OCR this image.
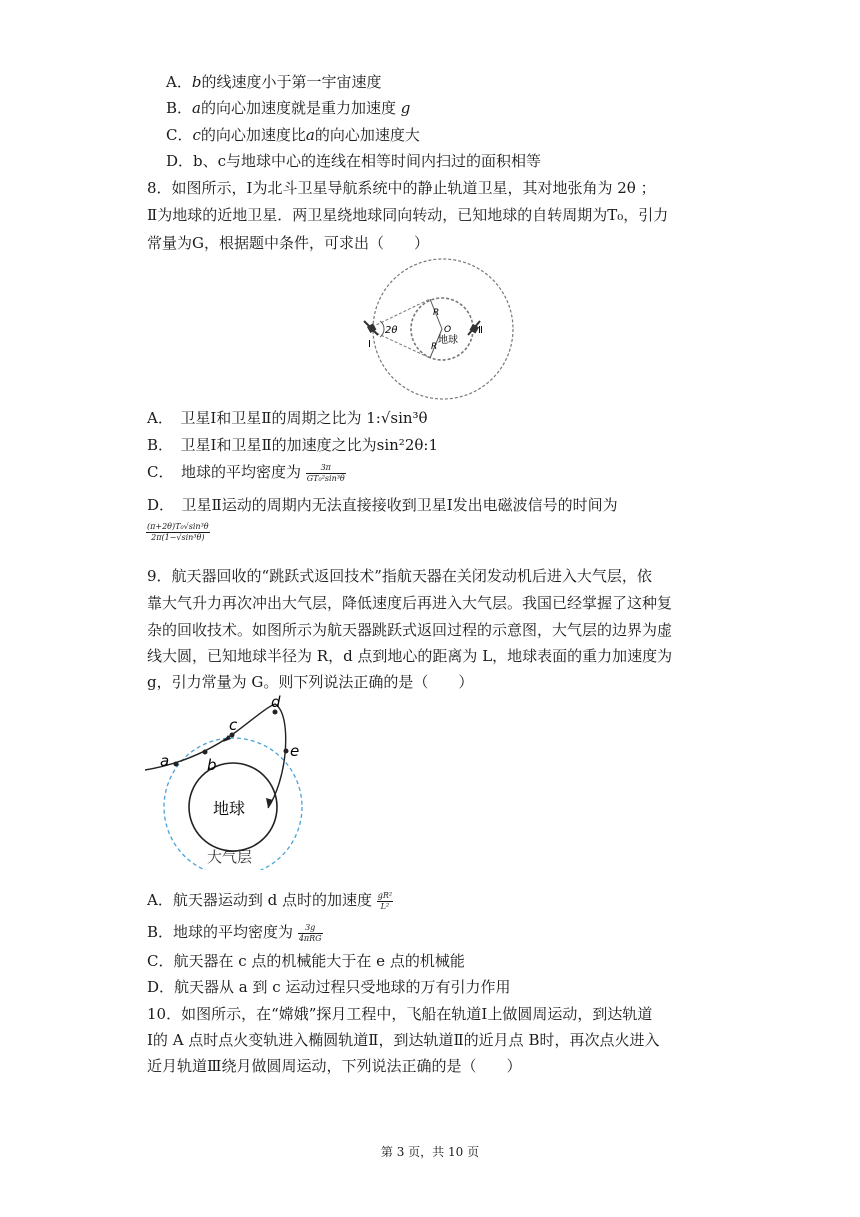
A．b的线速度小于第一宇宙速度
B．a的向心加速度就是重力加速度 g
C．c的向心加速度比a的向心加速度大
D．b、c与地球中心的连线在相等时间内扫过的面积相等
8．如图所示，Ⅰ为北斗卫星导航系统中的静止轨道卫星，其对地张角为 2θ ；
Ⅱ为地球的近地卫星．两卫星绕地球同向转动，已知地球的自转周期为T₀，引力
常量为G，根据题中条件，可求出（　　）
2θ
R
R
O
地球
Ⅰ
Ⅱ
A．　卫星Ⅰ和卫星Ⅱ的周期之比为 1:√sin³θ
B．　卫星Ⅰ和卫星Ⅱ的加速度之比为sin²2θ:1
C．　地球的平均密度为 $\frac{3\pi}{\text{GT₀²sin³θ}}$
D．　卫星Ⅱ运动的周期内无法直接接收到卫星Ⅰ发出电磁波信号的时间为
$\frac{\text{(π+2θ)T₀√sin³θ}}{\text{2π(1−√sin³θ)}}$
9．航天器回收的“跳跃式返回技术”指航天器在关闭发动机后进入大气层，依
靠大气升力再次冲出大气层，降低速度后再进入大气层。我国已经掌握了这种复
杂的回收技术。如图所示为航天器跳跃式返回过程的示意图，大气层的边界为虚
线大圆，已知地球半径为 R，d 点到地心的距离为 L，地球表面的重力加速度为
g，引力常量为 G。则下列说法正确的是（　　）
a	b
c
d
e
地球
大气层
A．航天器运动到 d 点时的加速度 $\frac{\text{gR²}}{\text{L²}}$
B．地球的平均密度为 $\frac{3g}{\text{4πRG}}$
C．航天器在 c 点的机械能大于在 e 点的机械能
D．航天器从 a 到 c 运动过程只受地球的万有引力作用
10．如图所示，在“嫦娥”探月工程中，飞船在轨道Ⅰ上做圆周运动，到达轨道
Ⅰ的 A 点时点火变轨进入椭圆轨道Ⅱ，到达轨道Ⅱ的近月点 B时，再次点火进入
近月轨道Ⅲ绕月做圆周运动，下列说法正确的是（　　）
第 3 页，共 10 页
